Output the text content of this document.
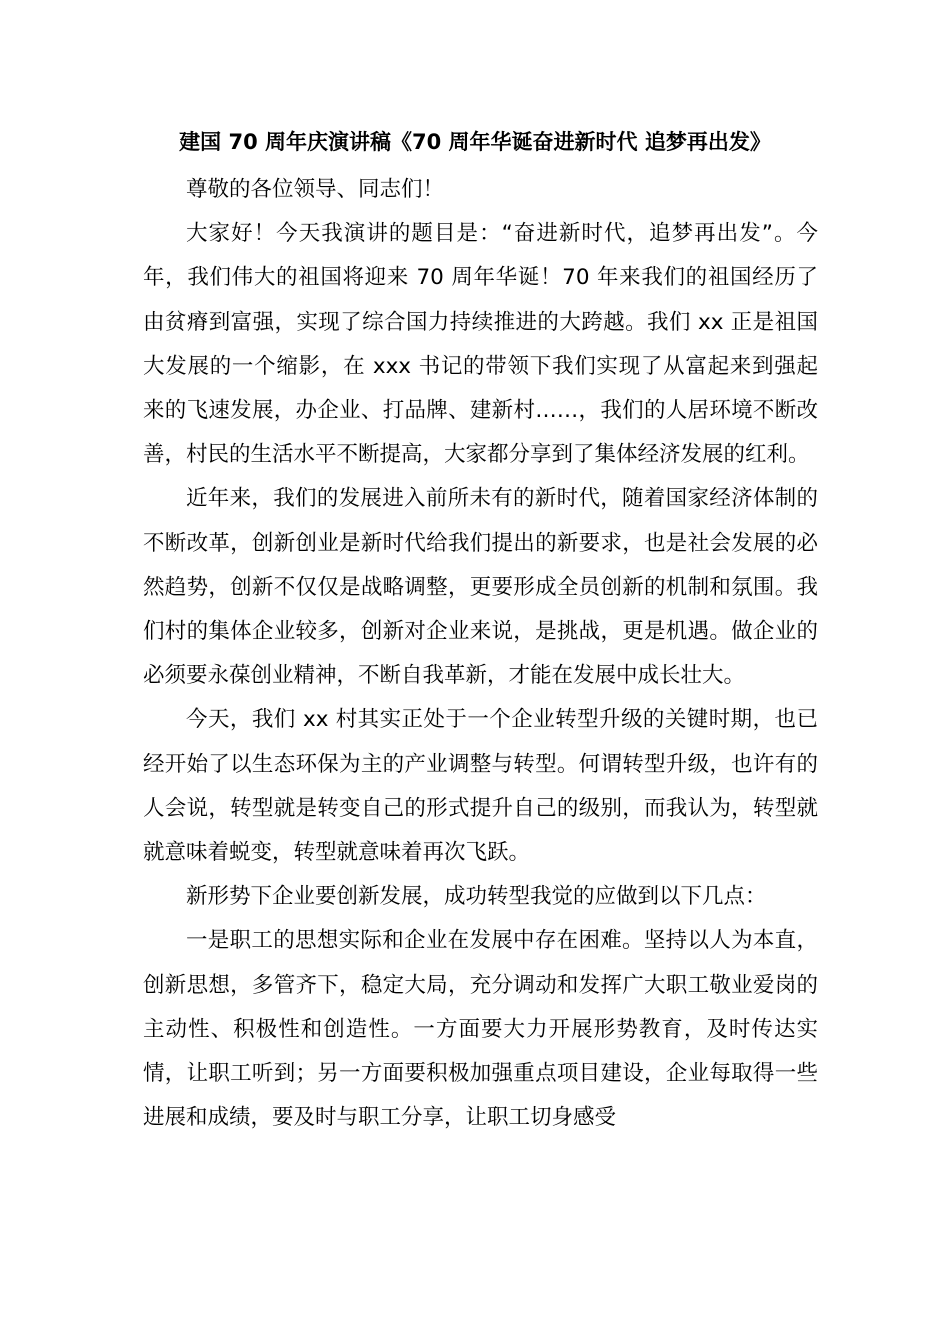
建国 70 周年庆演讲稿《70 周年华诞奋进新时代 追梦再出发》

尊敬的各位领导、同志们！

大家好！今天我演讲的题目是：“奋进新时代，追梦再出发”。今年，我们伟大的祖国将迎来 70 周年华诞！70 年来我们的祖国经历了由贫瘠到富强，实现了综合国力持续推进的大跨越。我们 xx 正是祖国大发展的一个缩影，在 xxx 书记的带领下我们实现了从富起来到强起来的飞速发展，办企业、打品牌、建新村……，我们的人居环境不断改善，村民的生活水平不断提高，大家都分享到了集体经济发展的红利。

近年来，我们的发展进入前所未有的新时代，随着国家经济体制的不断改革，创新创业是新时代给我们提出的新要求，也是社会发展的必然趋势，创新不仅仅是战略调整，更要形成全员创新的机制和氛围。我们村的集体企业较多，创新对企业来说，是挑战，更是机遇。做企业的必须要永葆创业精神，不断自我革新，才能在发展中成长壮大。

今天，我们 xx 村其实正处于一个企业转型升级的关键时期，也已经开始了以生态环保为主的产业调整与转型。何谓转型升级，也许有的人会说，转型就是转变自己的形式提升自己的级别，而我认为，转型就就意味着蜕变，转型就意味着再次飞跃。

新形势下企业要创新发展，成功转型我觉的应做到以下几点：

一是职工的思想实际和企业在发展中存在困难。坚持以人为本直，创新思想，多管齐下，稳定大局，充分调动和发挥广大职工敬业爱岗的主动性、积极性和创造性。一方面要大力开展形势教育，及时传达实情，让职工听到；另一方面要积极加强重点项目建设，企业每取得一些进展和成绩，要及时与职工分享，让职工切身感受
